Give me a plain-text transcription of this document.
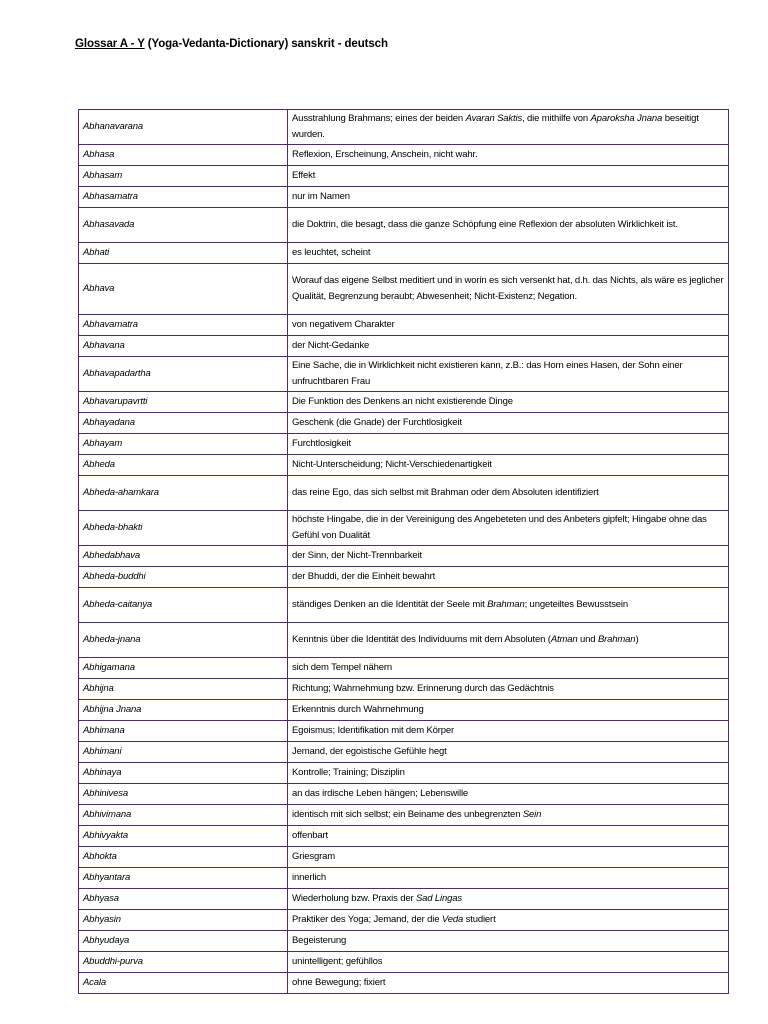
Glossar A - Y (Yoga-Vedanta-Dictionary) sanskrit - deutsch
Abhanavarana	Ausstrahlung Brahmans; eines der beiden Avaran Saktis, die mithilfe von Aparoksha Jnana beseitigt wurden.
Abhasa	Reflexion, Erscheinung, Anschein, nicht wahr.
Abhasam	Effekt
Abhasamatra	nur im Namen
Abhasavada	die Doktrin, die besagt, dass die ganze Schöpfung eine Reflexion der absoluten Wirklichkeit ist.
Abhati	es leuchtet, scheint
Abhava	Worauf das eigene Selbst meditiert und in worin es sich versenkt hat, d.h. das Nichts, als wäre es jeglicher Qualität, Begrenzung beraubt; Abwesenheit; Nicht-Existenz; Negation.
Abhavamatra	von negativem Charakter
Abhavana	der Nicht-Gedanke
Abhavapadartha	Eine Sache, die in Wirklichkeit nicht existieren kann, z.B.: das Horn eines Hasen, der Sohn einer unfruchtbaren Frau
Abhavarupavrtti	Die Funktion des Denkens an nicht existierende Dinge
Abhayadana	Geschenk (die Gnade) der Furchtlosigkeit
Abhayam	Furchtlosigkeit
Abheda	Nicht-Unterscheidung; Nicht-Verschiedenartigkeit
Abheda-ahamkara	das reine Ego, das sich selbst mit Brahman oder dem Absoluten identifiziert
Abheda-bhakti	höchste Hingabe, die in der Vereinigung des Angebeteten und des Anbeters gipfelt; Hingabe ohne das Gefühl von Dualität
Abhedabhava	der Sinn, der Nicht-Trennbarkeit
Abheda-buddhi	der Bhuddi, der die Einheit bewahrt
Abheda-caitanya	ständiges Denken an die Identität der Seele mit Brahman; ungeteiltes Bewusstsein
Abheda-jnana	Kenntnis über die Identität des Individuums mit dem Absoluten (Atman und Brahman)
Abhigamana	sich dem Tempel nähern
Abhijna	Richtung; Wahrnehmung bzw. Erinnerung durch das Gedächtnis
Abhijna Jnana	Erkenntnis durch Wahrnehmung
Abhimana	Egoismus; Identifikation mit dem Körper
Abhimani	Jemand, der egoistische Gefühle hegt
Abhinaya	Kontrolle; Training; Disziplin
Abhinivesa	an das irdische Leben hängen; Lebenswille
Abhivimana	identisch mit sich selbst; ein Beiname des unbegrenzten Sein
Abhivyakta	offenbart
Abhokta	Griesgram
Abhyantara	innerlich
Abhyasa	Wiederholung bzw. Praxis der Sad Lingas
Abhyasin	Praktiker des Yoga; Jemand, der die Veda studiert
Abhyudaya	Begeisterung
Abuddhi-purva	unintelligent; gefühllos
Acala	ohne Bewegung; fixiert
